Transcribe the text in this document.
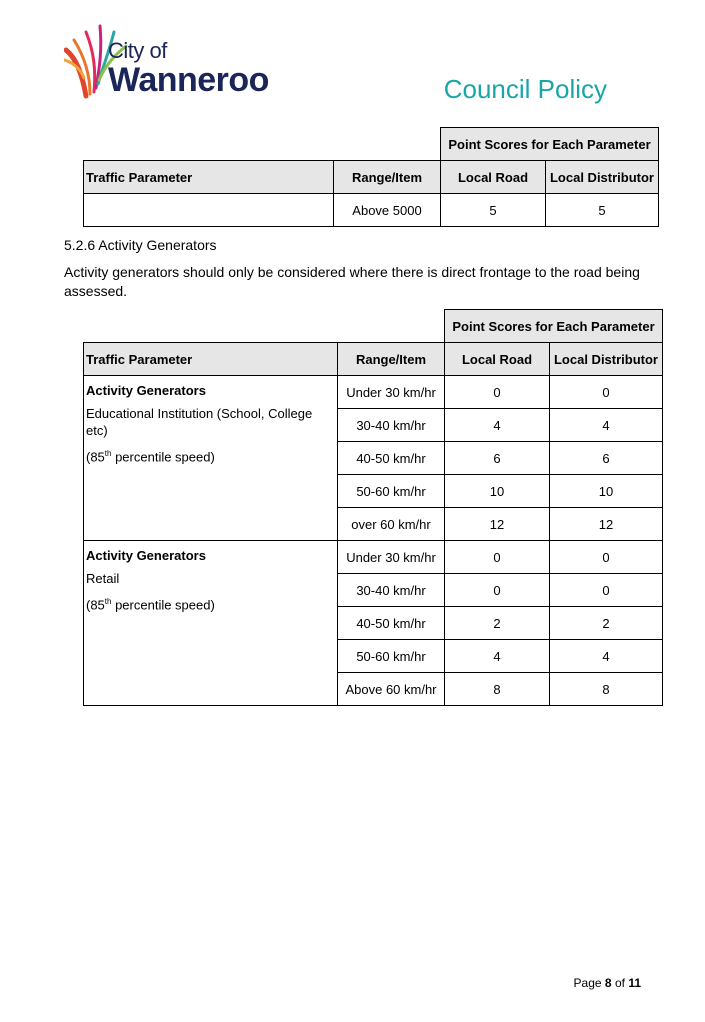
City of
Wanneroo	Council Policy
		Point Scores for Each Parameter	
Traffic Parameter	Range/Item	Local Road	Local Distributor
	Above 5000	5	5
5.2.6 Activity Generators
Activity generators should only be considered where there is direct frontage to the road being assessed.
		Point Scores for Each Parameter	
Traffic Parameter	Range/Item	Local Road	Local Distributor

Activity Generators

Educational Institution (School, College etc)

(85th percentile speed)	Under 30 km/hr	0	0
	30-40 km/hr	4	4
	40-50 km/hr	6	6
	50-60 km/hr	10	10
	over 60 km/hr	12	12

Activity Generators

Retail

(85th percentile speed)	Under 30 km/hr	0	0
	30-40 km/hr	0	0
	40-50 km/hr	2	2
	50-60 km/hr	4	4
	Above 60 km/hr	8	8
Page 8 of 11
